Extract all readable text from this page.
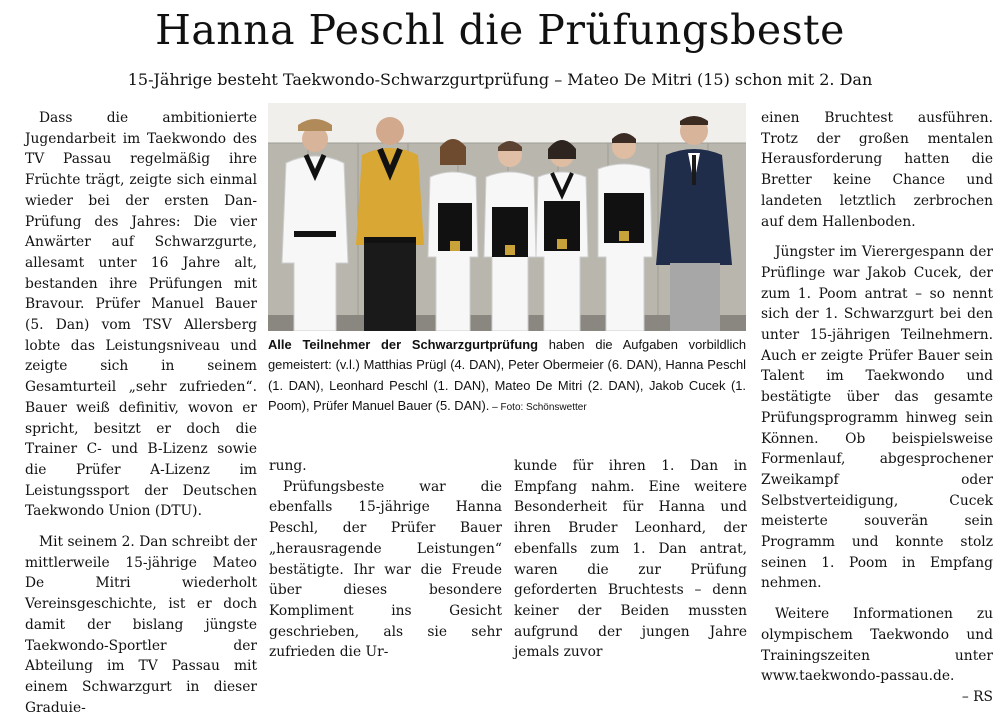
Hanna Peschl die Prüfungsbeste
15-Jährige besteht Taekwondo-Schwarzgurtprüfung – Mateo De Mitri (15) schon mit 2. Dan

Dass die ambitionierte Jugendarbeit im Taekwondo des TV Passau regelmäßig ihre Früchte trägt, zeigte sich einmal wieder bei der ersten Dan-Prüfung des Jahres: Die vier Anwärter auf Schwarzgurte, allesamt unter 16 Jahre alt, bestanden ihre Prüfungen mit Bravour. Prüfer Manuel Bauer (5. Dan) vom TSV Allersberg lobte das Leistungsniveau und zeigte sich in seinem Gesamturteil „sehr zufrieden“. Bauer weiß definitiv, wovon er spricht, besitzt er doch die Trainer C- und B-Lizenz sowie die Prüfer A-Lizenz im Leistungssport der Deutschen Taekwondo Union (DTU).

Mit seinem 2. Dan schreibt der mittlerweile 15-jährige Mateo De Mitri wiederholt Vereinsgeschichte, ist er doch damit der bislang jüngste Taekwondo-Sportler der Abteilung im TV Passau mit einem Schwarzgurt in dieser Graduie-

Alle Teilnehmer der Schwarzgurtprüfung haben die Aufgaben vorbildlich gemeistert: (v.l.) Matthias Prügl (4. DAN), Peter Obermeier (6. DAN), Hanna Peschl (1. DAN), Leonhard Peschl (1. DAN), Mateo De Mitri (2. DAN), Jakob Cucek (1. Poom), Prüfer Manuel Bauer (5. DAN). – Foto: Schönswetter

rung.

Prüfungsbeste war die ebenfalls 15-jährige Hanna Peschl, der Prüfer Bauer „herausragende Leistungen“ bestätigte. Ihr war die Freude über dieses besondere Kompliment ins Gesicht geschrieben, als sie sehr zufrieden die Ur-

kunde für ihren 1. Dan in Empfang nahm. Eine weitere Besonderheit für Hanna und ihren Bruder Leonhard, der ebenfalls zum 1. Dan antrat, waren die zur Prüfung geforderten Bruchtests – denn keiner der Beiden mussten aufgrund der jungen Jahre jemals zuvor

einen Bruchtest ausführen. Trotz der großen mentalen Herausforderung hatten die Bretter keine Chance und landeten letztlich zerbrochen auf dem Hallenboden.

Jüngster im Vierergespann der Prüflinge war Jakob Cucek, der zum 1. Poom antrat – so nennt sich der 1. Schwarzgurt bei den unter 15-jährigen Teilnehmern. Auch er zeigte Prüfer Bauer sein Talent im Taekwondo und bestätigte über das gesamte Prüfungsprogramm hinweg sein Können. Ob beispielsweise Formenlauf, abgesprochener Zweikampf oder Selbstverteidigung, Cucek meisterte souverän sein Programm und konnte stolz seinen 1. Poom in Empfang nehmen.

Weitere Informationen zu olympischem Taekwondo und Trainingszeiten unter www.taekwondo-passau.de.
– RS
